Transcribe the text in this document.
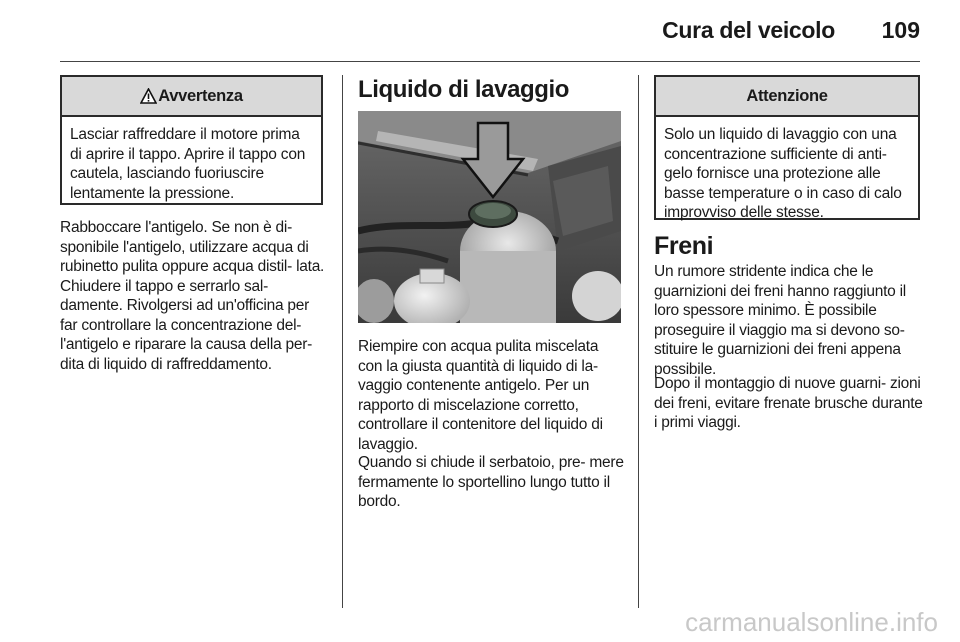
Cura del veicolo 109
Avvertenza
Lasciar raffreddare il motore prima di aprire il tappo. Aprire il tappo con cautela, lasciando fuoriuscire lentamente la pressione.

Rabboccare l'antigelo. Se non è di- sponibile l'antigelo, utilizzare acqua di rubinetto pulita oppure acqua distil- lata. Chiudere il tappo e serrarlo sal- damente. Rivolgersi ad un'officina per far controllare la concentrazione del- l'antigelo e riparare la causa della per- dita di liquido di raffreddamento.

Liquido di lavaggio

Riempire con acqua pulita miscelata con la giusta quantità di liquido di la- vaggio contenente antigelo. Per un rapporto di miscelazione corretto, controllare il contenitore del liquido di lavaggio.

Quando si chiude il serbatoio, pre- mere fermamente lo sportellino lungo tutto il bordo.

Attenzione
Solo un liquido di lavaggio con una concentrazione sufficiente di anti- gelo fornisce una protezione alle basse temperature o in caso di calo improvviso delle stesse.
Freni

Un rumore stridente indica che le guarnizioni dei freni hanno raggiunto il loro spessore minimo. È possibile proseguire il viaggio ma si devono so- stituire le guarnizioni dei freni appena possibile.

Dopo il montaggio di nuove guarni- zioni dei freni, evitare frenate brusche durante i primi viaggi.

carmanualsonline.info
